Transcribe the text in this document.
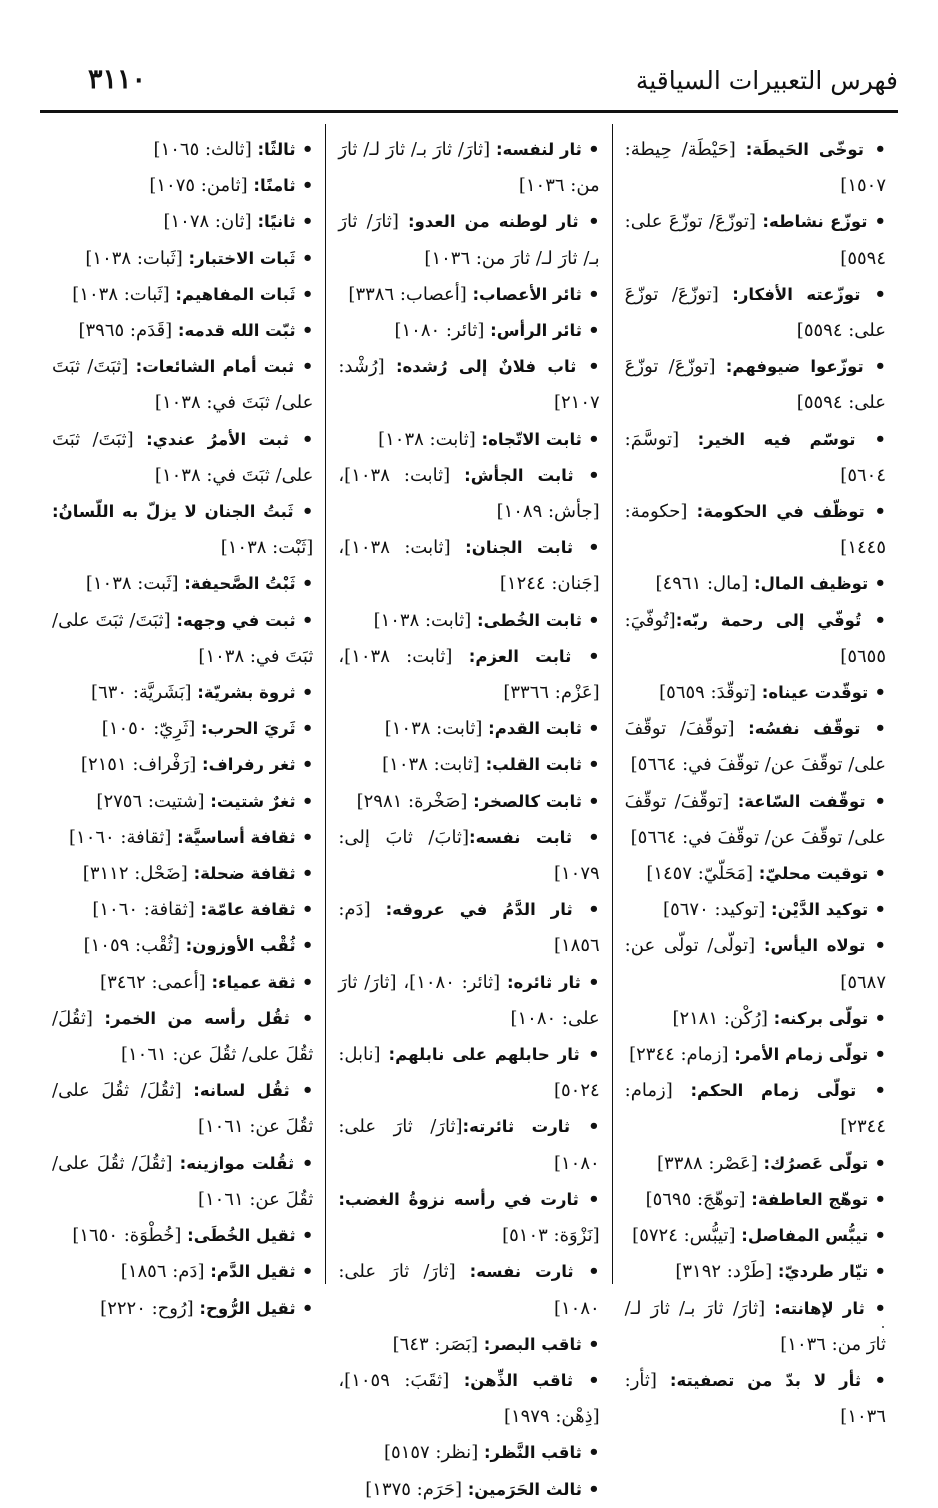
٣١١٠	فهرس التعبيرات السياقية

• توخّى الحَيطَة: [حَيْطَة/ حِيطة: ١٥٠٧]

• توزّع نشاطه: [توزّعَ/ توزّعَ على: ٥٥٩٤]

• توزّعته الأفكار: [توزّعَ/ توزّعَ على: ٥٥٩٤]

• توزّعوا ضيوفهم: [توزّعَ/ توزّعَ على: ٥٥٩٤]

• توسّم فيه الخير: [توسَّمَ: ٥٦٠٤]

• توظّف في الحكومة: [حكومة: ١٤٤٥]

• توظيف المال: [مال: ٤٩٦١]

• تُوفّي إلى رحمة ربّه:[تُوفّيَ: ٥٦٥٥]

• توقّدت عيناه: [توقّدَ: ٥٦٥٩]

• توقّف نفسُه: [توقّفَ/ توقّفَ على/ توقّفَ عن/ توقّفَ في: ٥٦٦٤]

• توقّفت السّاعة: [توقّفَ/ توقّفَ على/ توقّفَ عن/ توقّفَ في: ٥٦٦٤]

• توقيت محليّ: [مَحَلّيّ: ١٤٥٧]

• توكيد الدَّيْن: [توكيد: ٥٦٧٠]

• تولاه اليأس: [تولّى/ تولّى عن: ٥٦٨٧]

• تولّى بركنه: [رُكْن: ٢١٨١]

• تولّى زمام الأمر: [زمام: ٢٣٤٤]

• تولّى زمام الحكم: [زمام: ٢٣٤٤]

• تولّى عَصرُك: [عَصْر: ٣٣٨٨]

• توهّج العاطفة: [توهّجَ: ٥٦٩٥]

• تيبُّس المفاصل: [تيبُّس: ٥٧٢٤]

• تيّار طرديّ: [طَرْد: ٣١٩٢]

• ثار لإهانته: [ثارَ/ ثارَ بـ/ ثارَ لـ/ ثارَ من: ١٠٣٦]

• ثأر لا بدّ من تصفيته: [ثأر: ١٠٣٦]

• ثار لنفسه: [ثارَ/ ثارَ بـ/ ثارَ لـ/ ثارَ من: ١٠٣٦]

• ثار لوطنه من العدو: [ثارَ/ ثارَ بـ/ ثارَ لـ/ ثارَ من: ١٠٣٦]

• ثائر الأعصاب: [أعصاب: ٣٣٨٦]

• ثائر الرأس: [ثائر: ١٠٨٠]

• ثاب فلانٌ إلى رُشده: [رُشْد: ٢١٠٧]

• ثابت الاتّجاه: [ثابت: ١٠٣٨]

• ثابت الجأش: [ثابت: ١٠٣٨]، [جأش: ١٠٨٩]

• ثابت الجنان: [ثابت: ١٠٣٨]، [جَنان: ١٢٤٤]

• ثابت الخُطى: [ثابت: ١٠٣٨]

• ثابت العزم: [ثابت: ١٠٣٨]، [عَزْم: ٣٣٦٦]

• ثابت القدم: [ثابت: ١٠٣٨]

• ثابت القلب: [ثابت: ١٠٣٨]

• ثابت كالصخر: [صَخْرة: ٢٩٨١]

• ثابت نفسه:[ثابَ/ ثابَ إلى: ١٠٧٩]

• ثار الدَّمُ في عروقه: [دَم: ١٨٥٦]

• ثار ثائره: [ثائر: ١٠٨٠]، [ثارَ/ ثارَ على: ١٠٨٠]

• ثار حابلهم على نابلهم: [نابل: ٥٠٢٤]

• ثارت ثائرته:[ثارَ/ ثارَ على: ١٠٨٠]

• ثارت في رأسه نزوةُ الغضب: [نَزْوَة: ٥١٠٣]

• ثارت نفسه: [ثارَ/ ثارَ على: ١٠٨٠]

• ثاقب البصر: [بَصَر: ٦٤٣]

• ثاقب الذِّهن: [ثقَبَ: ١٠٥٩]، [ذِهْن: ١٩٧٩]

• ثاقب النَّظر: [نظر: ٥١٥٧]

• ثالث الحَرَمين: [حَرَم: ١٣٧٥]

• ثالثًا: [ثالث: ١٠٦٥]

• ثامنًا: [ثامن: ١٠٧٥]

• ثانيًا: [ثان: ١٠٧٨]

• ثَبات الاختبار: [ثَبات: ١٠٣٨]

• ثَبات المفاهيم: [ثَبات: ١٠٣٨]

• ثبّت الله قدمه: [قَدَم: ٣٩٦٥]

• ثبت أمام الشائعات: [ثبَتَ/ ثبَتَ على/ ثبَتَ في: ١٠٣٨]

• ثبت الأمرُ عندي: [ثبَتَ/ ثبَتَ على/ ثبَتَ في: ١٠٣٨]

• ثَبتُ الجنان لا يزلّ به اللّسانُ: [ثَبْت: ١٠٣٨]

• ثَبْتُ الصَّحيفة: [ثَبت: ١٠٣٨]

• ثبت في وجهه: [ثبَتَ/ ثبَتَ على/ ثبَتَ في: ١٠٣٨]

• ثروة بشريّة: [بَشَريَّة: ٦٣٠]

• ثَريَ الحرب: [ثَرِيّ: ١٠٥٠]

• ثغر رفراف: [رَفْراف: ٢١٥١]

• ثغرٌ شتيت: [شتيت: ٢٧٥٦]

• ثقافة أساسيَّة: [ثقافة: ١٠٦٠]

• ثقافة ضحلة: [ضَحْل: ٣١١٢]

• ثقافة عامّة: [ثقافة: ١٠٦٠]

• ثُقْب الأوزون: [ثُقْب: ١٠٥٩]

• ثقة عمياء: [أعمى: ٣٤٦٢]

• ثقُل رأسه من الخمر: [ثقُلَ/ ثقُلَ على/ ثقُلَ عن: ١٠٦١]

• ثقُل لسانه: [ثقُلَ/ ثقُلَ على/ ثقُلَ عن: ١٠٦١]

• ثقُلت موازينه: [ثقُلَ/ ثقُلَ على/ ثقُلَ عن: ١٠٦١]

• ثقيل الخُطَى: [خُطْوَة: ١٦٥٠]

• ثقيل الدَّم: [دَم: ١٨٥٦]

• ثقيل الرُّوح: [رُوح: ٢٢٢٠]
